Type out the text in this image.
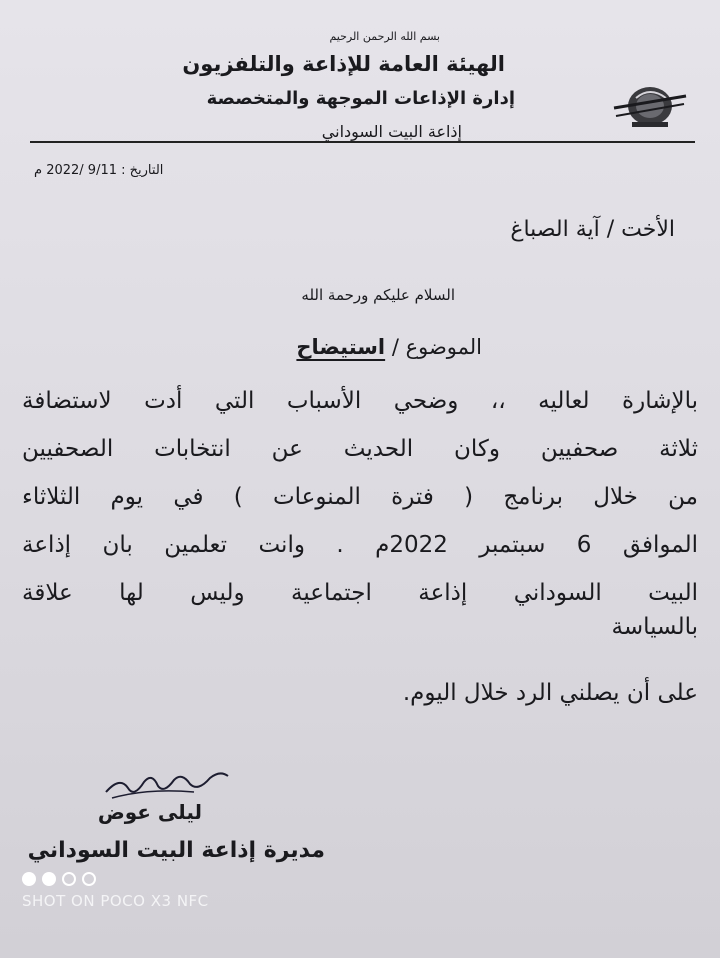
بسم الله الرحمن الرحيم
الهيئة العامة للإذاعة والتلفزيون
إدارة الإذاعات الموجهة والمتخصصة
إذاعة البيت السوداني
التاريخ : 9/11 /2022 م
الأخت / آية الصباغ
السلام عليكم ورحمة الله
الموضوع / استيضاح
بالإشارة لعاليه ،، وضحي الأسباب التي أدت لاستضافة
ثلاثة صحفيين وكان الحديث عن انتخابات الصحفيين
من خلال برنامج ( فترة المنوعات ) في يوم الثلاثاء
الموافق 6 سبتمبر 2022م . وانت تعلمين بان إذاعة
البيت السوداني إذاعة اجتماعية وليس لها علاقة
بالسياسة
على أن يصلني الرد خلال اليوم.
ليلى عوض
مديرة إذاعة البيت السوداني
SHOT ON POCO X3 NFC
